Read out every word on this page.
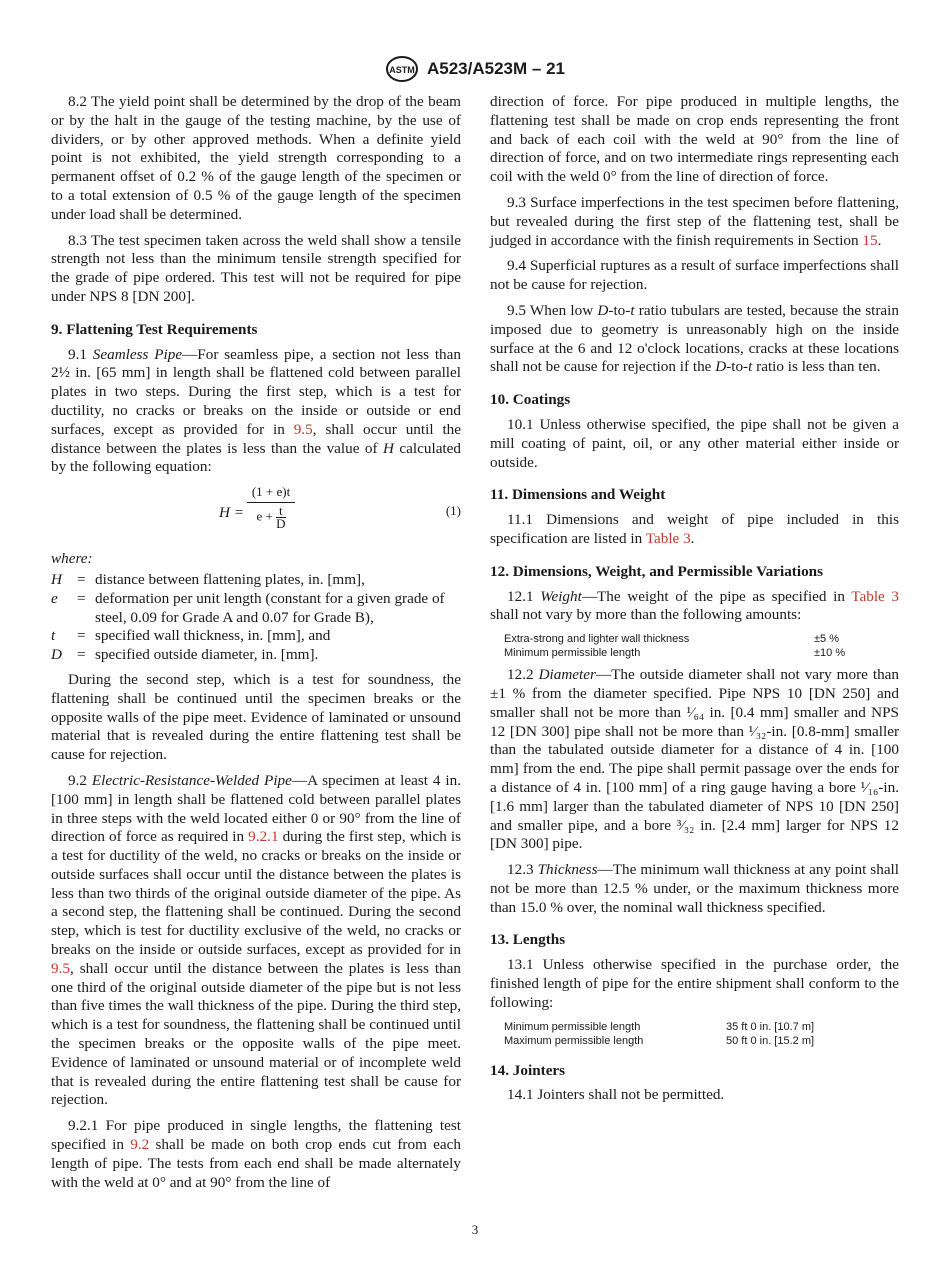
ASTM A523/A523M – 21

8.2 The yield point shall be determined by the drop of the beam or by the halt in the gauge of the testing machine, by the use of dividers, or by other approved methods. When a definite yield point is not exhibited, the yield strength corresponding to a permanent offset of 0.2 % of the gauge length of the specimen or to a total extension of 0.5 % of the gauge length of the specimen under load shall be determined.

8.3 The test specimen taken across the weld shall show a tensile strength not less than the minimum tensile strength specified for the grade of pipe ordered. This test will not be required for pipe under NPS 8 [DN 200].

9. Flattening Test Requirements

9.1 Seamless Pipe—For seamless pipe, a section not less than 2½ in. [65 mm] in length shall be flattened cold between parallel plates in two steps. During the first step, which is a test for ductility, no cracks or breaks on the inside or outside or end surfaces, except as provided for in 9.5, shall occur until the distance between the plates is less than the value of H calculated by the following equation:

H =
(1 + e)t
$e + \frac{t}{D}$	(1)
where:
H = distance between flattening plates, in. [mm],
e	= deformation per unit length (constant for a given grade of steel, 0.09 for Grade A and 0.07 for Grade B),
t	= specified wall thickness, in. [mm], and
D = specified outside diameter, in. [mm].

During the second step, which is a test for soundness, the flattening shall be continued until the specimen breaks or the opposite walls of the pipe meet. Evidence of laminated or unsound material that is revealed during the entire flattening test shall be cause for rejection.

9.2 Electric-Resistance-Welded Pipe—A specimen at least 4 in. [100 mm] in length shall be flattened cold between parallel plates in three steps with the weld located either 0 or 90° from the line of direction of force as required in 9.2.1 during the first step, which is a test for ductility of the weld, no cracks or breaks on the inside or outside surfaces shall occur until the distance between the plates is less than two thirds of the original outside diameter of the pipe. As a second step, the flattening shall be continued. During the second step, which is test for ductility exclusive of the weld, no cracks or breaks on the inside or outside surfaces, except as provided for in 9.5, shall occur until the distance between the plates is less than one third of the original outside diameter of the pipe but is not less than five times the wall thickness of the pipe. During the third step, which is a test for soundness, the flattening shall be continued until the specimen breaks or the opposite walls of the pipe meet. Evidence of laminated or unsound material or of incomplete weld that is revealed during the entire flattening test shall be cause for rejection.

9.2.1 For pipe produced in single lengths, the flattening test specified in 9.2 shall be made on both crop ends cut from each length of pipe. The tests from each end shall be made alternately with the weld at 0° and at 90° from the line of

direction of force. For pipe produced in multiple lengths, the flattening test shall be made on crop ends representing the front and back of each coil with the weld at 90° from the line of direction of force, and on two intermediate rings representing each coil with the weld 0° from the line of direction of force.

9.3 Surface imperfections in the test specimen before flattening, but revealed during the first step of the flattening test, shall be judged in accordance with the finish requirements in Section 15.

9.4 Superficial ruptures as a result of surface imperfections shall not be cause for rejection.

9.5 When low D-to-t ratio tubulars are tested, because the strain imposed due to geometry is unreasonably high on the inside surface at the 6 and 12 o'clock locations, cracks at these locations shall not be cause for rejection if the D-to-t ratio is less than ten.

10. Coatings

10.1 Unless otherwise specified, the pipe shall not be given a mill coating of paint, oil, or any other material either inside or outside.

11. Dimensions and Weight

11.1 Dimensions and weight of pipe included in this specification are listed in Table 3.

12. Dimensions, Weight, and Permissible Variations

12.1 Weight—The weight of the pipe as specified in Table 3 shall not vary by more than the following amounts:

Extra-strong and lighter wall thickness	±5 %
Minimum permissible length	±10 %

12.2 Diameter—The outside diameter shall not vary more than ±1 % from the diameter specified. Pipe NPS 10 [DN 250] and smaller shall not be more than ¹⁄₆₄ in. [0.4 mm] smaller and NPS 12 [DN 300] pipe shall not be more than ¹⁄₃₂-in. [0.8-mm] smaller than the tabulated outside diameter for a distance of 4 in. [100 mm] from the end. The pipe shall permit passage over the ends for a distance of 4 in. [100 mm] of a ring gauge having a bore ¹⁄₁₆-in. [1.6 mm] larger than the tabulated diameter of NPS 10 [DN 250] and smaller pipe, and a bore ³⁄₃₂ in. [2.4 mm] larger for NPS 12 [DN 300] pipe.

12.3 Thickness—The minimum wall thickness at any point shall not be more than 12.5 % under, or the maximum thickness more than 15.0 % over, the nominal wall thickness specified.

13. Lengths

13.1 Unless otherwise specified in the purchase order, the finished length of pipe for the entire shipment shall conform to the following:

Minimum permissible length	35 ft 0 in. [10.7 m]
Maximum permissible length	50 ft 0 in. [15.2 m]
14. Jointers

14.1 Jointers shall not be permitted.

3
